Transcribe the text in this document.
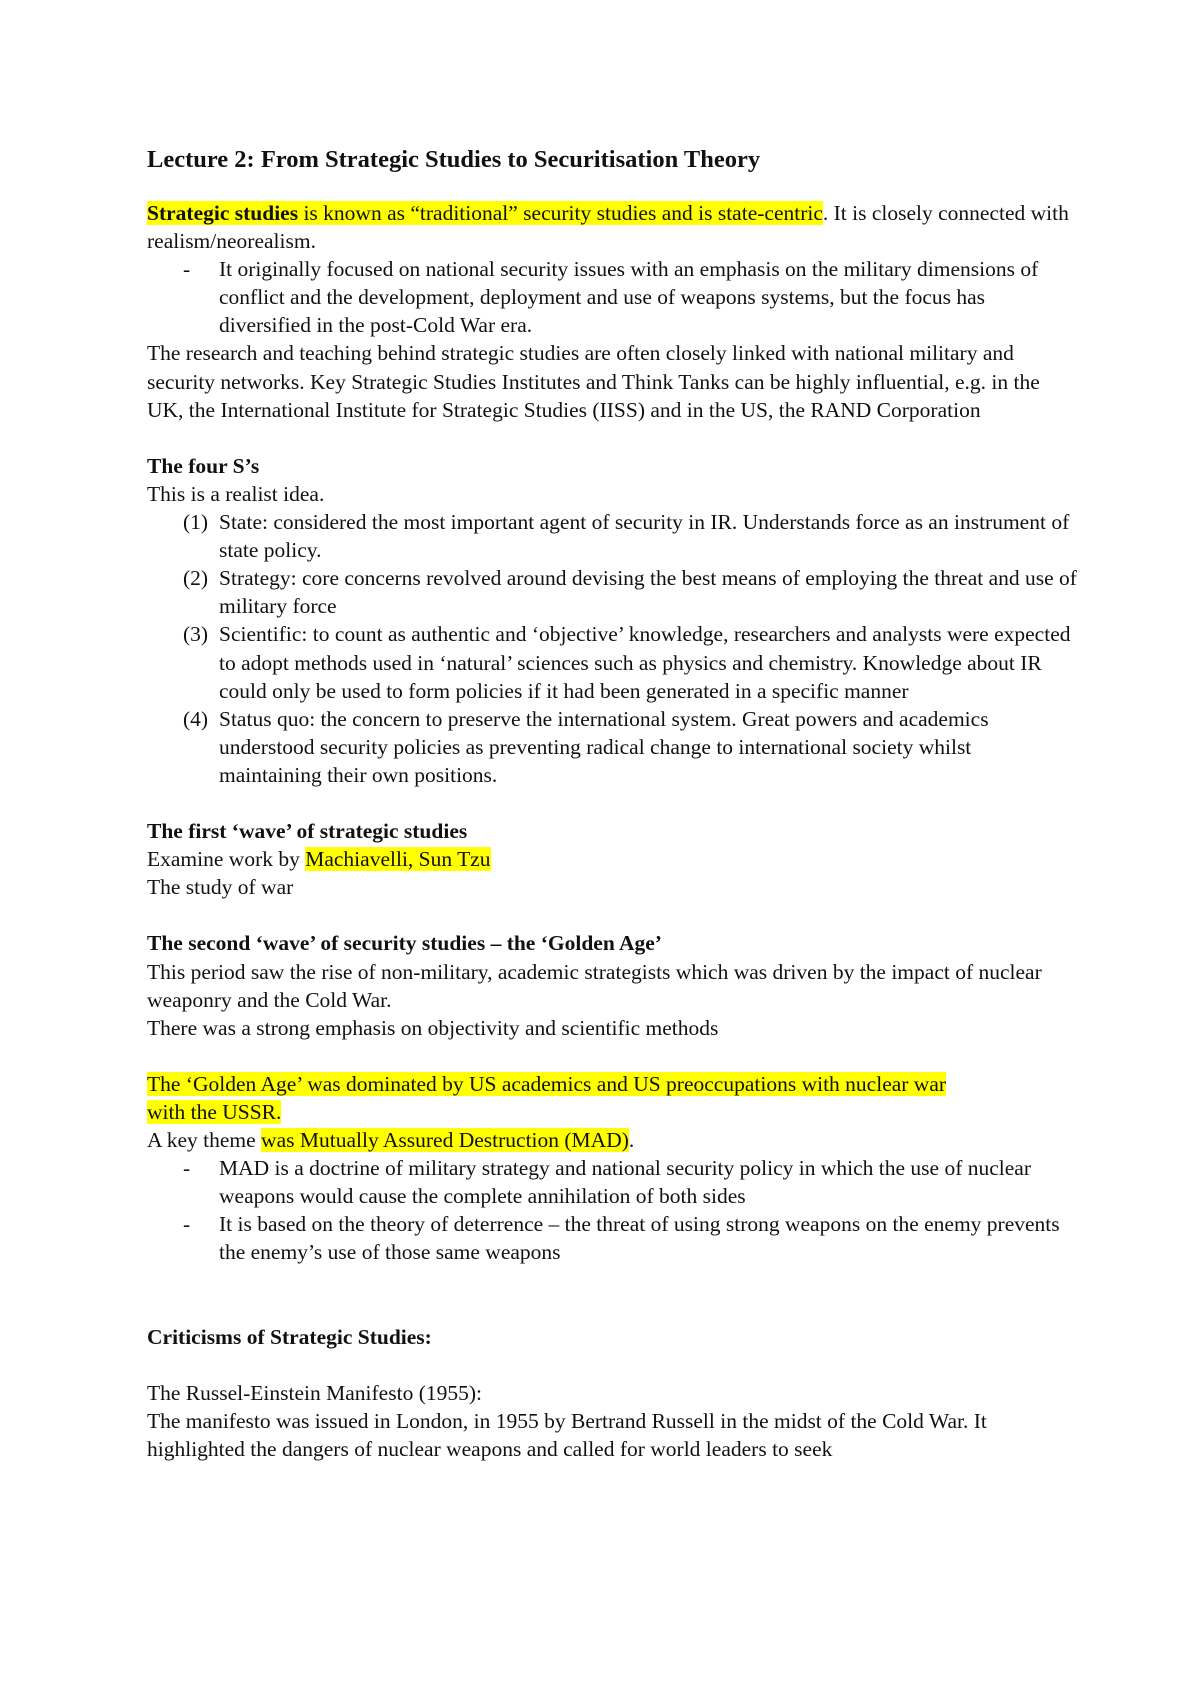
Lecture 2: From Strategic Studies to Securitisation Theory

Strategic studies is known as “traditional” security studies and is state-centric. It is closely connected with realism/neorealism.

- It originally focused on national security issues with an emphasis on the military dimensions of conflict and the development, deployment and use of weapons systems, but the focus has diversified in the post-Cold War era.

The research and teaching behind strategic studies are often closely linked with national military and security networks. Key Strategic Studies Institutes and Think Tanks can be highly influential, e.g. in the UK, the International Institute for Strategic Studies (IISS) and in the US, the RAND Corporation

The four S’s

This is a realist idea.

(1) State: considered the most important agent of security in IR. Understands force as an instrument of state policy.
(2) Strategy: core concerns revolved around devising the best means of employing the threat and use of military force
(3) Scientific: to count as authentic and ‘objective’ knowledge, researchers and analysts were expected to adopt methods used in ‘natural’ sciences such as physics and chemistry. Knowledge about IR could only be used to form policies if it had been generated in a specific manner
(4) Status quo: the concern to preserve the international system. Great powers and academics understood security policies as preventing radical change to international society whilst maintaining their own positions.

The first ‘wave’ of strategic studies

Examine work by Machiavelli, Sun Tzu

The study of war

The second ‘wave’ of security studies – the ‘Golden Age’

This period saw the rise of non-military, academic strategists which was driven by the impact of nuclear weaponry and the Cold War.

There was a strong emphasis on objectivity and scientific methods

The ‘Golden Age’ was dominated by US academics and US preoccupations with nuclear war
with the USSR.

A key theme was Mutually Assured Destruction (MAD).

- MAD is a doctrine of military strategy and national security policy in which the use of nuclear weapons would cause the complete annihilation of both sides
- It is based on the theory of deterrence – the threat of using strong weapons on the enemy prevents the enemy’s use of those same weapons

Criticisms of Strategic Studies:

The Russel-Einstein Manifesto (1955):

The manifesto was issued in London, in 1955 by Bertrand Russell in the midst of the Cold War. It highlighted the dangers of nuclear weapons and called for world leaders to seek
